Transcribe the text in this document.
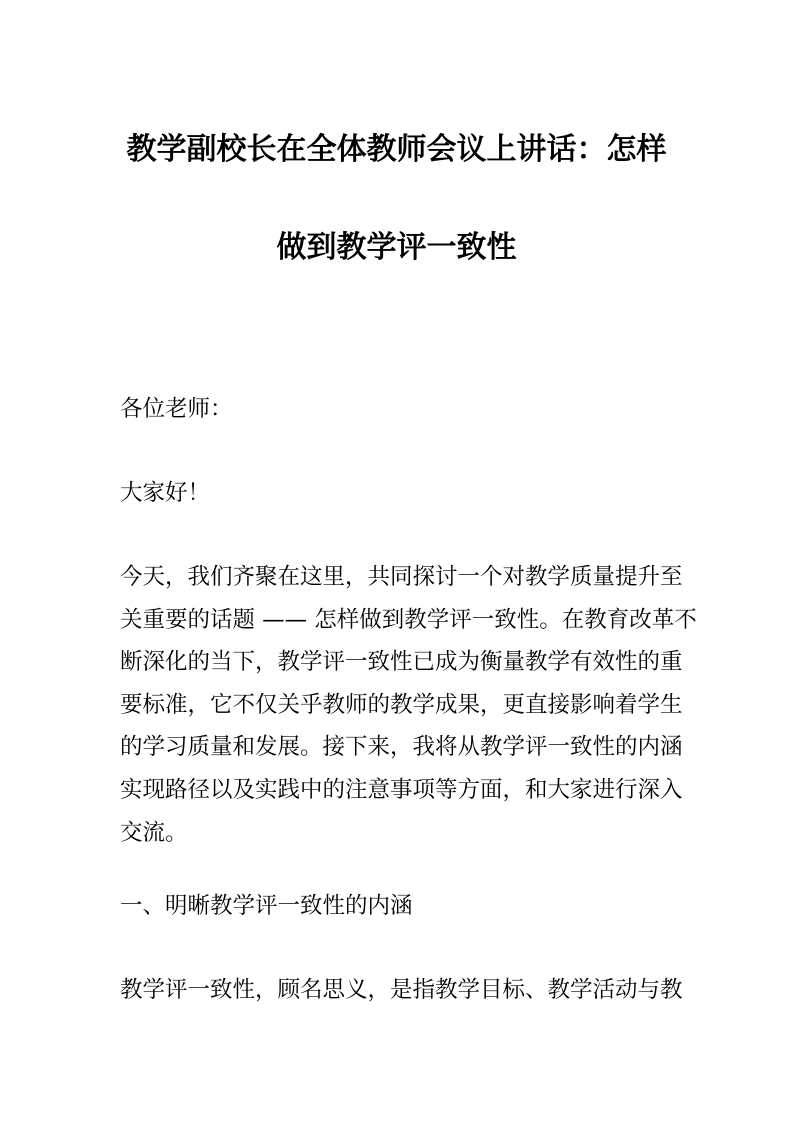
教学副校长在全体教师会议上讲话：怎样
做到教学评一致性
各位老师：
大家好！
今天，我们齐聚在这里，共同探讨一个对教学质量提升至
关重要的话题 —— 怎样做到教学评一致性。在教育改革不
断深化的当下，教学评一致性已成为衡量教学有效性的重
要标准，它不仅关乎教师的教学成果，更直接影响着学生
的学习质量和发展。接下来，我将从教学评一致性的内涵
实现路径以及实践中的注意事项等方面，和大家进行深入
交流。
一、明晰教学评一致性的内涵
教学评一致性，顾名思义，是指教学目标、教学活动与教
